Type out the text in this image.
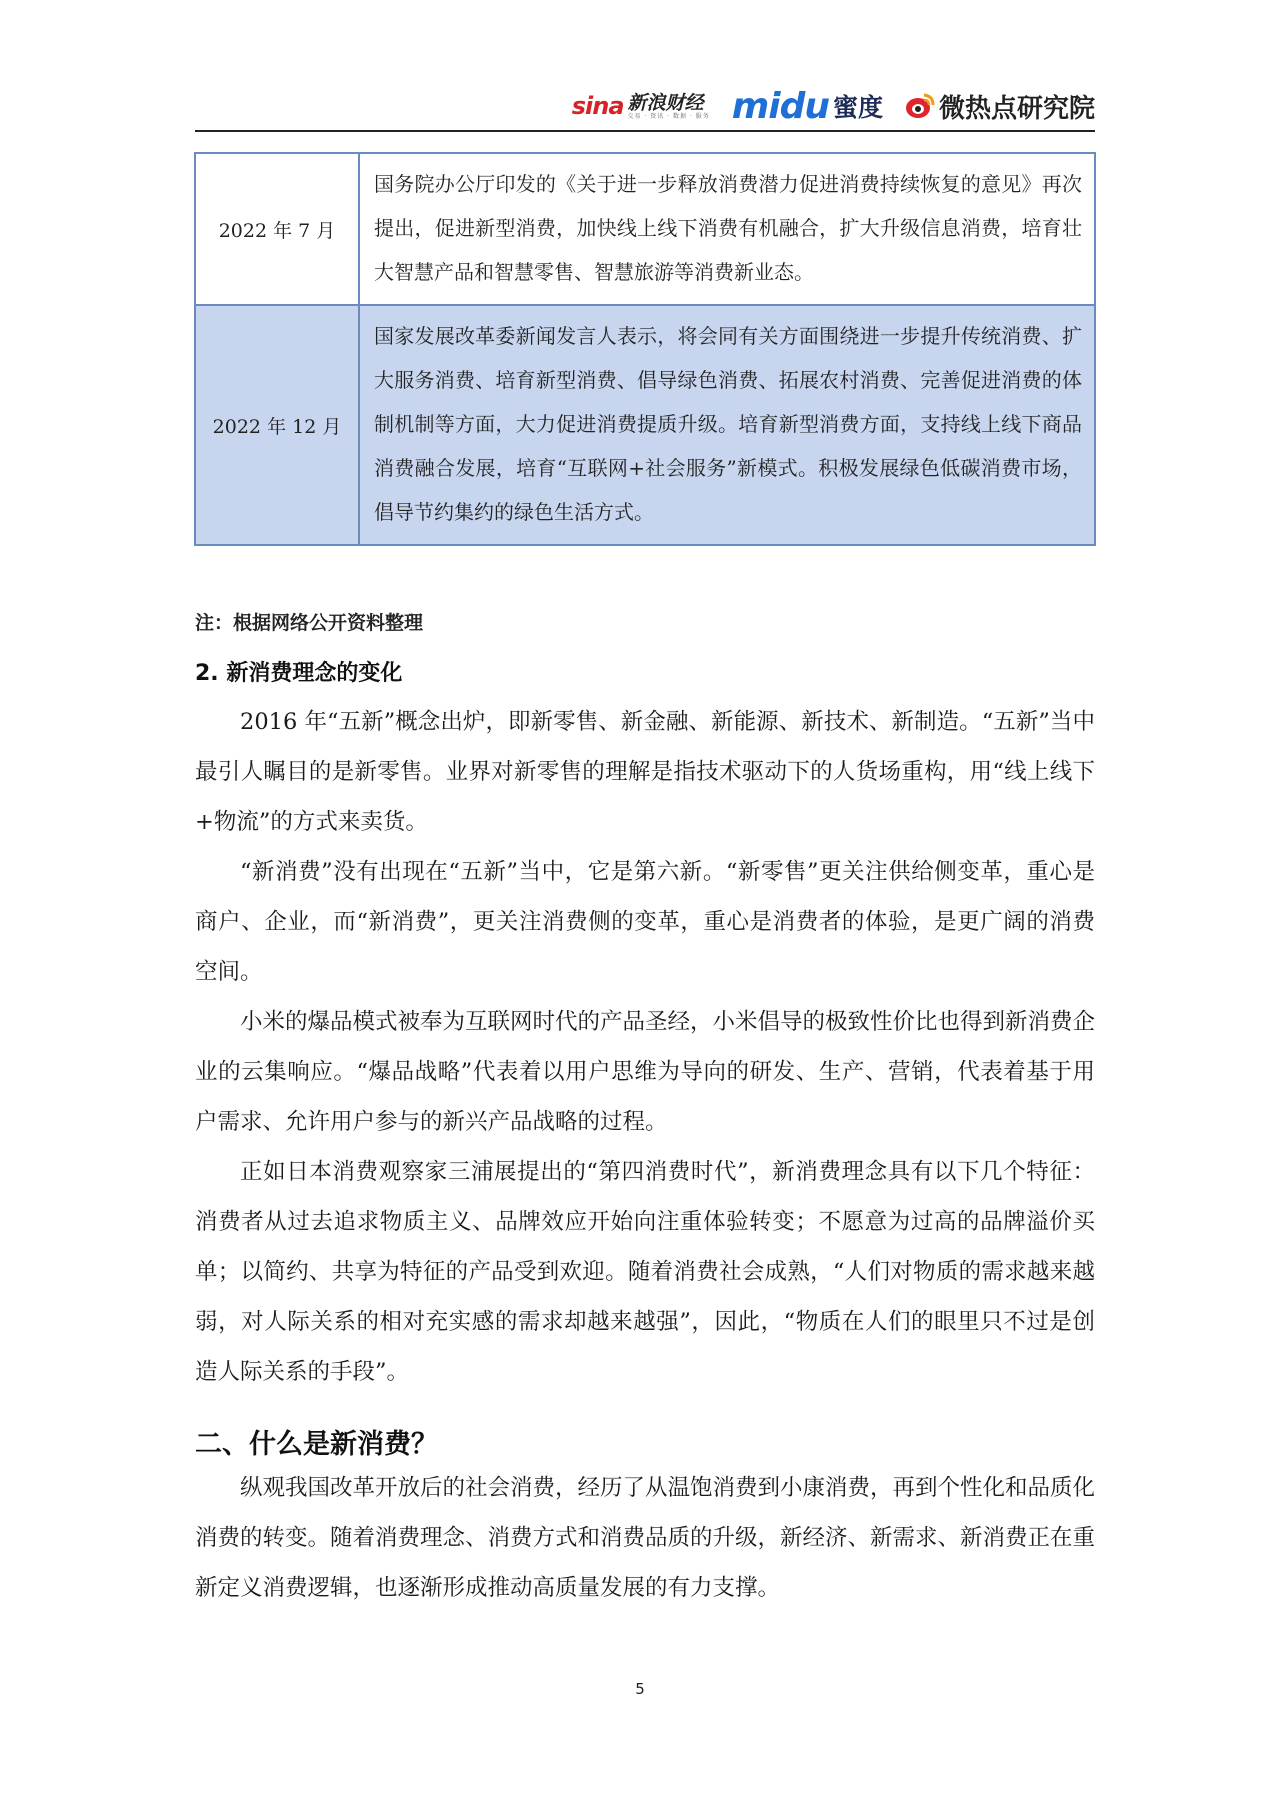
sina 新浪财经
交易 · 资讯 · 数据 · 服务 midu 蜜度 微热点研究院
2022 年 7 月	国务院办公厅印发的《关于进一步释放消费潜力促进消费持续恢复的意见》再次提出，促进新型消费，加快线上线下消费有机融合，扩大升级信息消费，培育壮大智慧产品和智慧零售、智慧旅游等消费新业态。
2022 年 12 月	国家发展改革委新闻发言人表示，将会同有关方面围绕进一步提升传统消费、扩大服务消费、培育新型消费、倡导绿色消费、拓展农村消费、完善促进消费的体制机制等方面，大力促进消费提质升级。培育新型消费方面，支持线上线下商品消费融合发展，培育“互联网+社会服务”新模式。积极发展绿色低碳消费市场，倡导节约集约的绿色生活方式。
注：根据网络公开资料整理
2. 新消费理念的变化

2016 年“五新”概念出炉，即新零售、新金融、新能源、新技术、新制造。“五新”当中最引人瞩目的是新零售。业界对新零售的理解是指技术驱动下的人货场重构，用“线上线下+物流”的方式来卖货。

“新消费”没有出现在“五新”当中，它是第六新。“新零售”更关注供给侧变革，重心是商户、企业，而“新消费”，更关注消费侧的变革，重心是消费者的体验，是更广阔的消费空间。

小米的爆品模式被奉为互联网时代的产品圣经，小米倡导的极致性价比也得到新消费企业的云集响应。“爆品战略”代表着以用户思维为导向的研发、生产、营销，代表着基于用户需求、允许用户参与的新兴产品战略的过程。

正如日本消费观察家三浦展提出的“第四消费时代”，新消费理念具有以下几个特征：消费者从过去追求物质主义、品牌效应开始向注重体验转变；不愿意为过高的品牌溢价买单；以简约、共享为特征的产品受到欢迎。随着消费社会成熟，“人们对物质的需求越来越弱，对人际关系的相对充实感的需求却越来越强”，因此，“物质在人们的眼里只不过是创造人际关系的手段”。

二、什么是新消费？

纵观我国改革开放后的社会消费，经历了从温饱消费到小康消费，再到个性化和品质化消费的转变。随着消费理念、消费方式和消费品质的升级，新经济、新需求、新消费正在重新定义消费逻辑，也逐渐形成推动高质量发展的有力支撑。

5
